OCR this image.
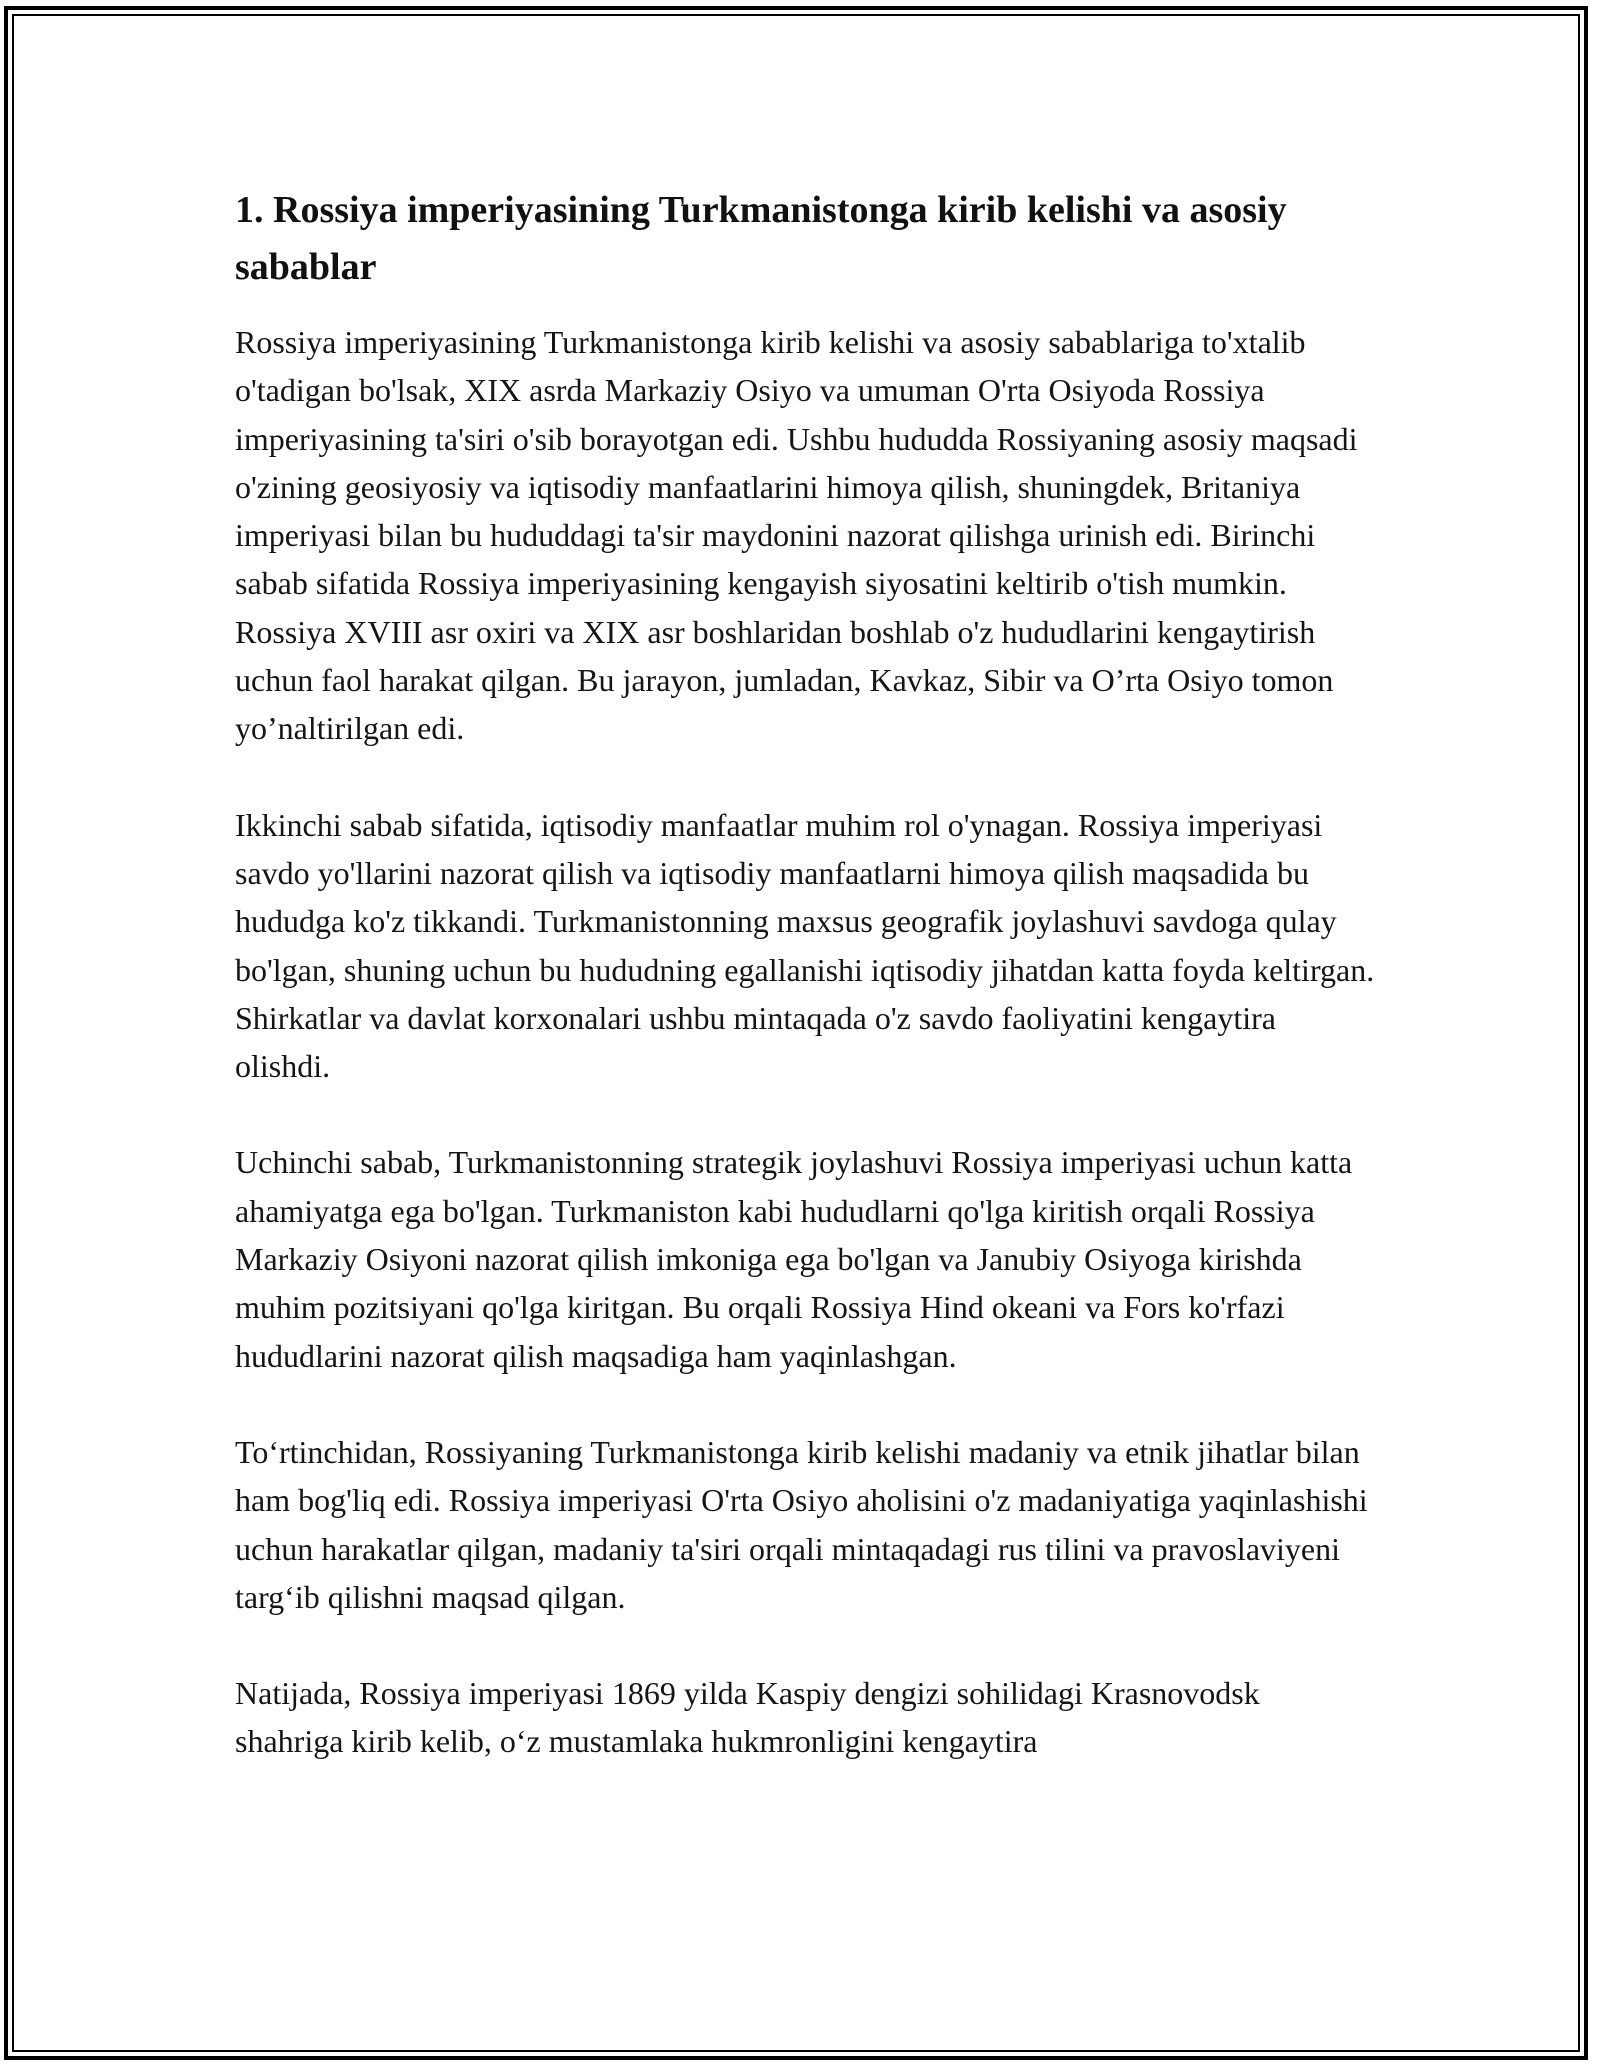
1. Rossiya imperiyasining Turkmanistonga kirib kelishi va asosiy sabablar

Rossiya imperiyasining Turkmanistonga kirib kelishi va asosiy sabablariga to'xtalib o'tadigan bo'lsak, XIX asrda Markaziy Osiyo va umuman O'rta Osiyoda Rossiya imperiyasining ta'siri o'sib borayotgan edi. Ushbu hududda Rossiyaning asosiy maqsadi o'zining geosiyosiy va iqtisodiy manfaatlarini himoya qilish, shuningdek, Britaniya imperiyasi bilan bu hududdagi ta'sir maydonini nazorat qilishga urinish edi. Birinchi sabab sifatida Rossiya imperiyasining kengayish siyosatini keltirib o'tish mumkin. Rossiya XVIII asr oxiri va XIX asr boshlaridan boshlab o'z hududlarini kengaytirish uchun faol harakat qilgan. Bu jarayon, jumladan, Kavkaz, Sibir va O’rta Osiyo tomon yo’naltirilgan edi.

Ikkinchi sabab sifatida, iqtisodiy manfaatlar muhim rol o'ynagan. Rossiya imperiyasi savdo yo'llarini nazorat qilish va iqtisodiy manfaatlarni himoya qilish maqsadida bu hududga ko'z tikkandi. Turkmanistonning maxsus geografik joylashuvi savdoga qulay bo'lgan, shuning uchun bu hududning egallanishi iqtisodiy jihatdan katta foyda keltirgan. Shirkatlar va davlat korxonalari ushbu mintaqada o'z savdo faoliyatini kengaytira olishdi.

Uchinchi sabab, Turkmanistonning strategik joylashuvi Rossiya imperiyasi uchun katta ahamiyatga ega bo'lgan. Turkmaniston kabi hududlarni qo'lga kiritish orqali Rossiya Markaziy Osiyoni nazorat qilish imkoniga ega bo'lgan va Janubiy Osiyoga kirishda muhim pozitsiyani qo'lga kiritgan. Bu orqali Rossiya Hind okeani va Fors ko'rfazi hududlarini nazorat qilish maqsadiga ham yaqinlashgan.

To‘rtinchidan, Rossiyaning Turkmanistonga kirib kelishi madaniy va etnik jihatlar bilan ham bog'liq edi. Rossiya imperiyasi O'rta Osiyo aholisini o'z madaniyatiga yaqinlashishi uchun harakatlar qilgan, madaniy ta'siri orqali mintaqadagi rus tilini va pravoslaviyeni targ‘ib qilishni maqsad qilgan.

Natijada, Rossiya imperiyasi 1869 yilda Kaspiy dengizi sohilidagi Krasnovodsk shahriga kirib kelib, o‘z mustamlaka hukmronligini kengaytira
